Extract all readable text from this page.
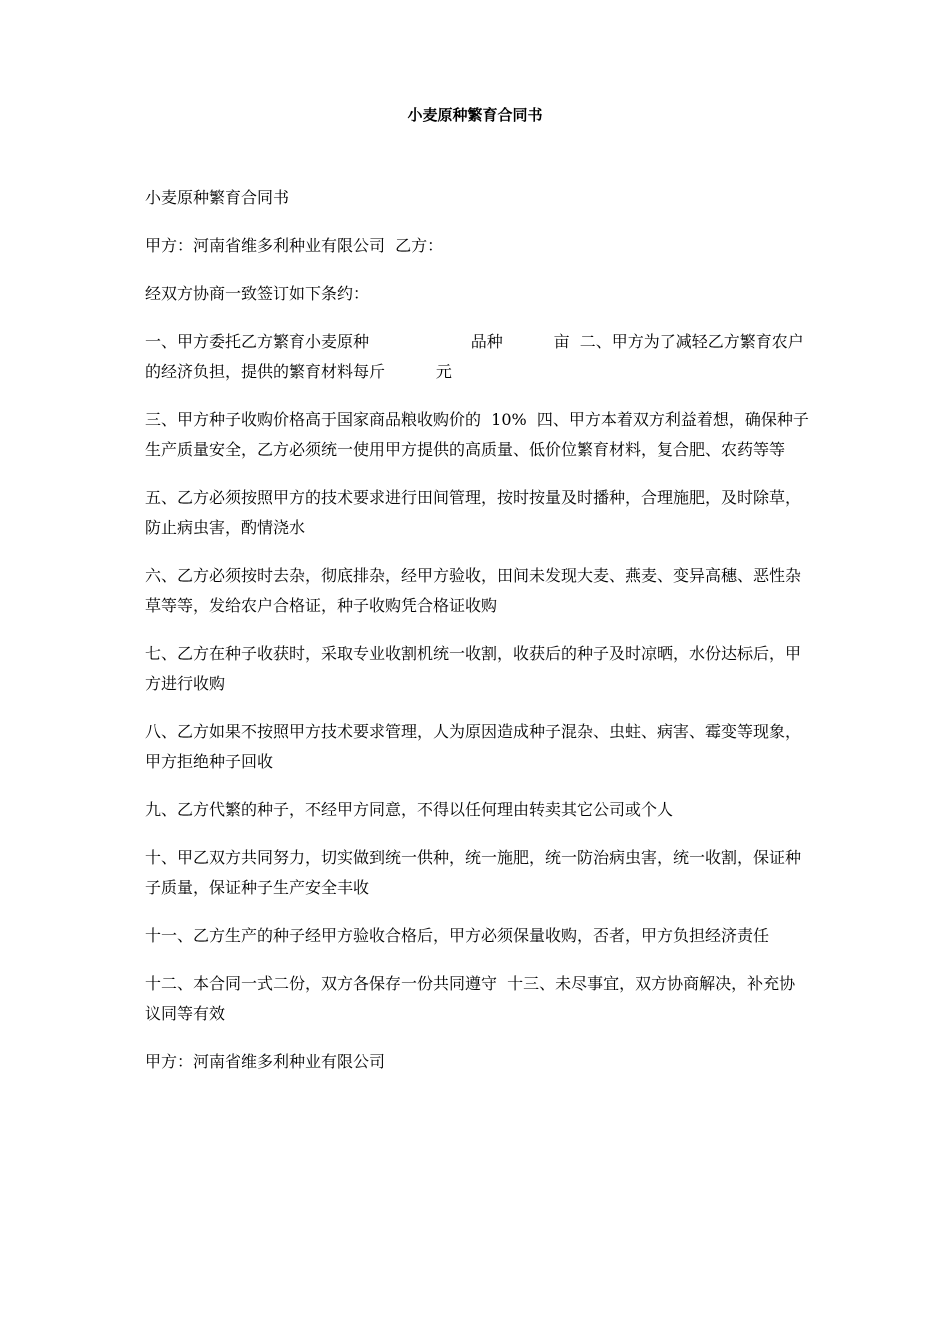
小麦原种繁育合同书

小麦原种繁育合同书

甲方：河南省维多利种业有限公司  乙方：

经双方协商一致签订如下条约：

一、甲方委托乙方繁育小麦原种                    品种          亩  二、甲方为了减轻乙方繁育农户的经济负担，提供的繁育材料每斤          元

三、甲方种子收购价格高于国家商品粮收购价的  10%  四、甲方本着双方利益着想，确保种子生产质量安全，乙方必须统一使用甲方提供的高质量、低价位繁育材料，复合肥、农药等等

五、乙方必须按照甲方的技术要求进行田间管理，按时按量及时播种，合理施肥，及时除草，防止病虫害，酌情浇水

六、乙方必须按时去杂，彻底排杂，经甲方验收，田间未发现大麦、燕麦、变异高穗、恶性杂草等等，发给农户合格证，种子收购凭合格证收购

七、乙方在种子收获时，采取专业收割机统一收割，收获后的种子及时凉晒，水份达标后，甲方进行收购

八、乙方如果不按照甲方技术要求管理，人为原因造成种子混杂、虫蛀、病害、霉变等现象，甲方拒绝种子回收

九、乙方代繁的种子，不经甲方同意，不得以任何理由转卖其它公司或个人

十、甲乙双方共同努力，切实做到统一供种，统一施肥，统一防治病虫害，统一收割，保证种子质量，保证种子生产安全丰收

十一、乙方生产的种子经甲方验收合格后，甲方必须保量收购，否者，甲方负担经济责任

十二、本合同一式二份，双方各保存一份共同遵守  十三、未尽事宜，双方协商解决，补充协议同等有效

甲方：河南省维多利种业有限公司
